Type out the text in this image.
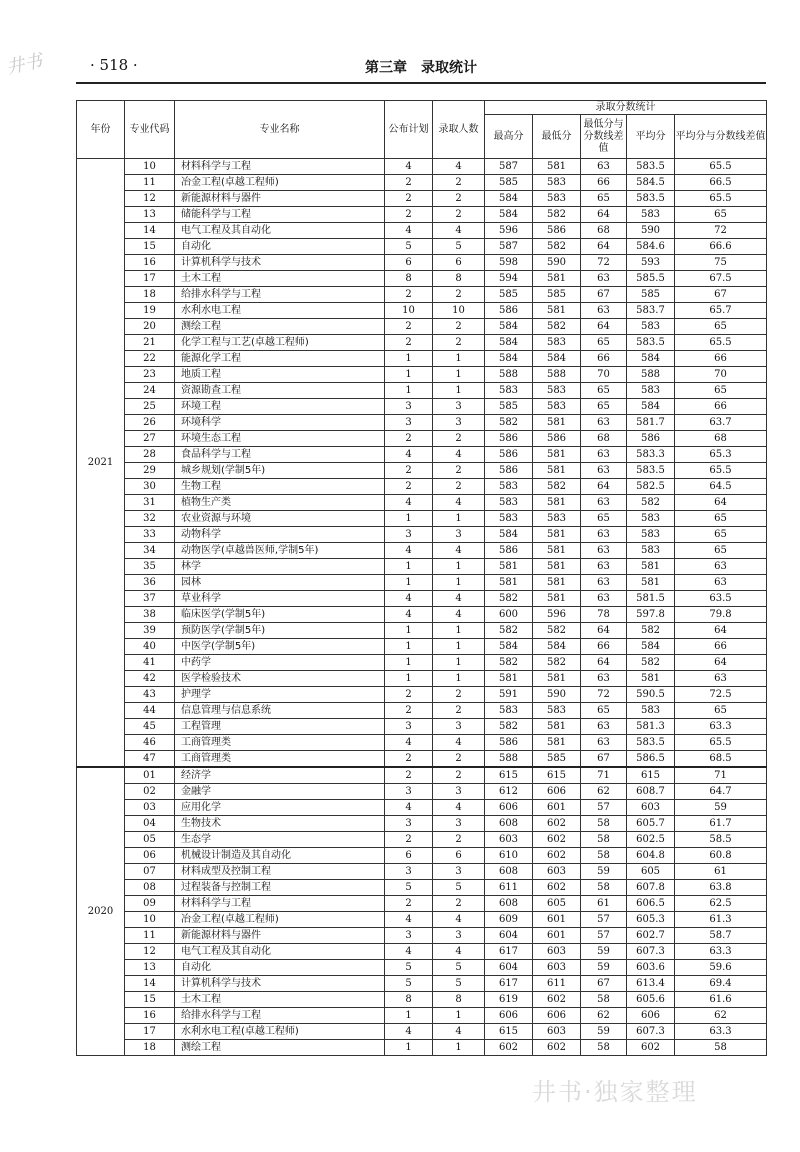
井书	· 518 ·	第三章　录取统计
年份	专业代码	专业名称	公布计划	录取人数	录取分数统计				
					最高分	最低分	最低分与分数线差值	平均分	平均分与分数线差值
2021	10	材料科学与工程	4	4	587	581	63	583.5	65.5
	11	冶金工程(卓越工程师)	2	2	585	583	66	584.5	66.5
	12	新能源材料与器件	2	2	584	583	65	583.5	65.5
	13	储能科学与工程	2	2	584	582	64	583	65
	14	电气工程及其自动化	4	4	596	586	68	590	72
	15	自动化	5	5	587	582	64	584.6	66.6
	16	计算机科学与技术	6	6	598	590	72	593	75
	17	土木工程	8	8	594	581	63	585.5	67.5
	18	给排水科学与工程	2	2	585	585	67	585	67
	19	水利水电工程	10	10	586	581	63	583.7	65.7
	20	测绘工程	2	2	584	582	64	583	65
	21	化学工程与工艺(卓越工程师)	2	2	584	583	65	583.5	65.5
	22	能源化学工程	1	1	584	584	66	584	66
	23	地质工程	1	1	588	588	70	588	70
	24	资源勘查工程	1	1	583	583	65	583	65
	25	环境工程	3	3	585	583	65	584	66
	26	环境科学	3	3	582	581	63	581.7	63.7
	27	环境生态工程	2	2	586	586	68	586	68
	28	食品科学与工程	4	4	586	581	63	583.3	65.3
	29	城乡规划(学制5年)	2	2	586	581	63	583.5	65.5
	30	生物工程	2	2	583	582	64	582.5	64.5
	31	植物生产类	4	4	583	581	63	582	64
	32	农业资源与环境	1	1	583	583	65	583	65
	33	动物科学	3	3	584	581	63	583	65
	34	动物医学(卓越兽医师,学制5年)	4	4	586	581	63	583	65
	35	林学	1	1	581	581	63	581	63
	36	园林	1	1	581	581	63	581	63
	37	草业科学	4	4	582	581	63	581.5	63.5
	38	临床医学(学制5年)	4	4	600	596	78	597.8	79.8
	39	预防医学(学制5年)	1	1	582	582	64	582	64
	40	中医学(学制5年)	1	1	584	584	66	584	66
	41	中药学	1	1	582	582	64	582	64
	42	医学检验技术	1	1	581	581	63	581	63
	43	护理学	2	2	591	590	72	590.5	72.5
	44	信息管理与信息系统	2	2	583	583	65	583	65
	45	工程管理	3	3	582	581	63	581.3	63.3
	46	工商管理类	4	4	586	581	63	583.5	65.5
	47	工商管理类	2	2	588	585	67	586.5	68.5
2020	01	经济学	2	2	615	615	71	615	71
	02	金融学	3	3	612	606	62	608.7	64.7
	03	应用化学	4	4	606	601	57	603	59
	04	生物技术	3	3	608	602	58	605.7	61.7
	05	生态学	2	2	603	602	58	602.5	58.5
	06	机械设计制造及其自动化	6	6	610	602	58	604.8	60.8
	07	材料成型及控制工程	3	3	608	603	59	605	61
	08	过程装备与控制工程	5	5	611	602	58	607.8	63.8
	09	材料科学与工程	2	2	608	605	61	606.5	62.5
	10	冶金工程(卓越工程师)	4	4	609	601	57	605.3	61.3
	11	新能源材料与器件	3	3	604	601	57	602.7	58.7
	12	电气工程及其自动化	4	4	617	603	59	607.3	63.3
	13	自动化	5	5	604	603	59	603.6	59.6
	14	计算机科学与技术	5	5	617	611	67	613.4	69.4
	15	土木工程	8	8	619	602	58	605.6	61.6
	16	给排水科学与工程	1	1	606	606	62	606	62
	17	水利水电工程(卓越工程师)	4	4	615	603	59	607.3	63.3
	18	测绘工程	1	1	602	602	58	602	58
井书·独家整理
